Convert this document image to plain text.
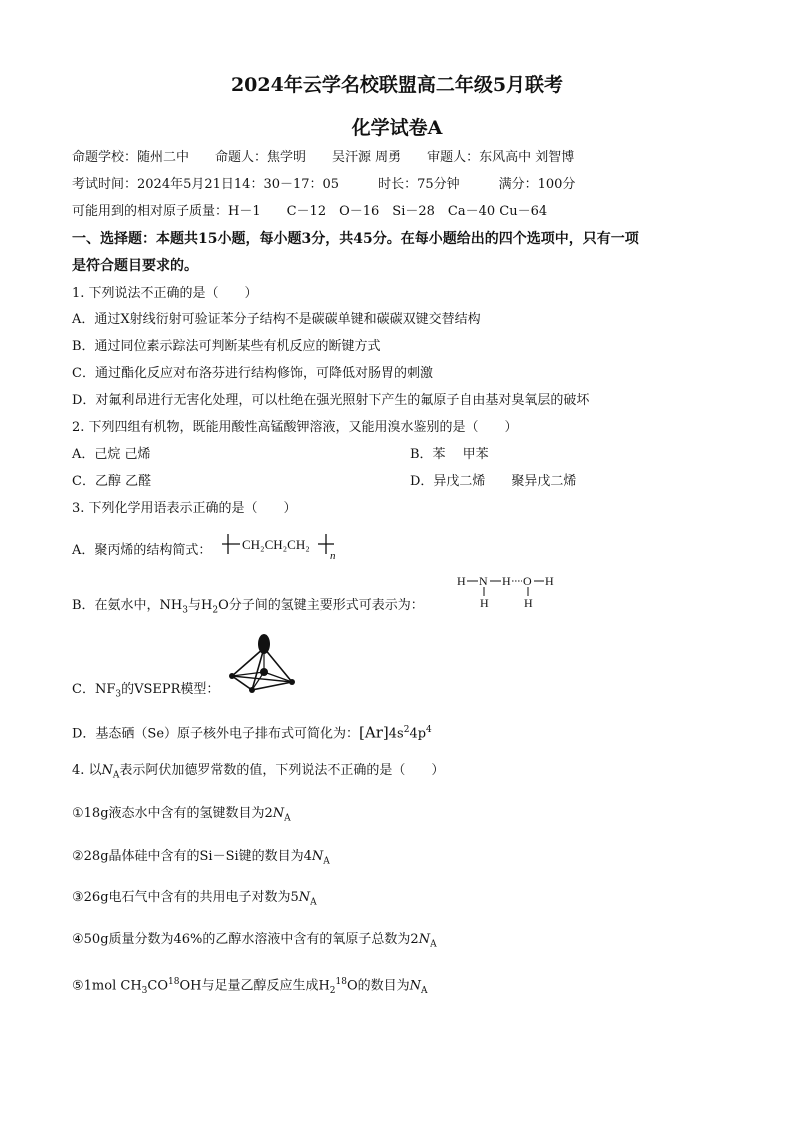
2024年云学名校联盟高二年级5月联考
化学试卷A
命题学校：随州二中　　命题人：焦学明　　吴汗源 周勇　　审题人：东风高中 刘智博
考试时间：2024年5月21日14：30－17：05　　　时长：75分钟　　　满分：100分
可能用到的相对原子质量：H－1　　C－12　O－16　Si－28　Ca－40 Cu－64
一、选择题：本题共15小题，每小题3分，共45分。在每小题给出的四个选项中，只有一项
是符合题目要求的。
1. 下列说法不正确的是（　　）
A．通过X射线衍射可验证苯分子结构不是碳碳单键和碳碳双键交替结构
B．通过同位素示踪法可判断某些有机反应的断键方式
C．通过酯化反应对布洛芬进行结构修饰，可降低对肠胃的刺激
D．对氟利昂进行无害化处理，可以杜绝在强光照射下产生的氟原子自由基对臭氧层的破坏
2. 下列四组有机物，既能用酸性高锰酸钾溶液，又能用溴水鉴别的是（　　）
A．己烷 己烯	B．苯　 甲苯
C．乙醇 乙醛	D．异戊二烯　　聚异戊二烯
3. 下列化学用语表示正确的是（　　）
A．聚丙烯的结构简式： CH₂CH₂CH₂
n
B．在氨水中，$NH_3$与$H_2O$分子间的氢键主要形式可表示为：
H N
H
H O
H
H
C．$NF_3$的VSEPR模型：
D．基态硒（Se）原子核外电子排布式可简化为：$[Ar]4s^24p^4$
4. 以$N_A$表示阿伏加德罗常数的值，下列说法不正确的是（　　）
①18g液态水中含有的氢键数目为$2N_A$
②28g晶体硅中含有的Si－Si键的数目为$4N_A$
③26g电石气中含有的共用电子对数为$5N_A$
④50g质量分数为46%的乙醇水溶液中含有的氧原子总数为$2N_A$
⑤1mol $CH_3CO^{18}OH$与足量乙醇反应生成$H_2^{18}O$的数目为$N_A$
